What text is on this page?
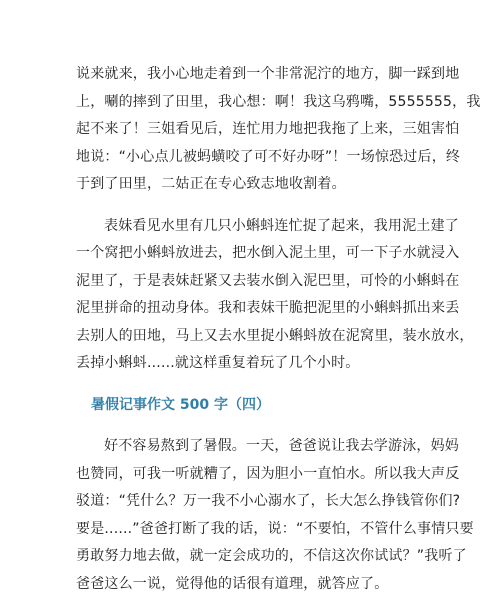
说来就来，我小心地走着到一个非常泥泞的地方，脚一踩到地
上，唰的摔到了田里，我心想：啊！我这乌鸦嘴，5555555，我
起不来了！三姐看见后，连忙用力地把我拖了上来，三姐害怕
地说：“小心点儿被蚂蟥咬了可不好办呀”！一场惊恐过后，终
于到了田里，二姑正在专心致志地收割着。

表妹看见水里有几只小蝌蚪连忙捉了起来，我用泥土建了
一个窝把小蝌蚪放进去，把水倒入泥土里，可一下子水就浸入
泥里了，于是表妹赶紧又去装水倒入泥巴里，可怜的小蝌蚪在
泥里拼命的扭动身体。我和表妹干脆把泥里的小蝌蚪抓出来丢
去别人的田地，马上又去水里捉小蝌蚪放在泥窝里，装水放水，
丢掉小蝌蚪......就这样重复着玩了几个小时。

暑假记事作文 500 字（四）

好不容易熬到了暑假。一天，爸爸说让我去学游泳，妈妈
也赞同，可我一听就糟了，因为胆小一直怕水。所以我大声反
驳道：“凭什么？万一我不小心溺水了，长大怎么挣钱管你们?
要是......”爸爸打断了我的话，说：“不要怕，不管什么事情只要
勇敢努力地去做，就一定会成功的，不信这次你试试？”我听了
爸爸这么一说，觉得他的话很有道理，就答应了。
